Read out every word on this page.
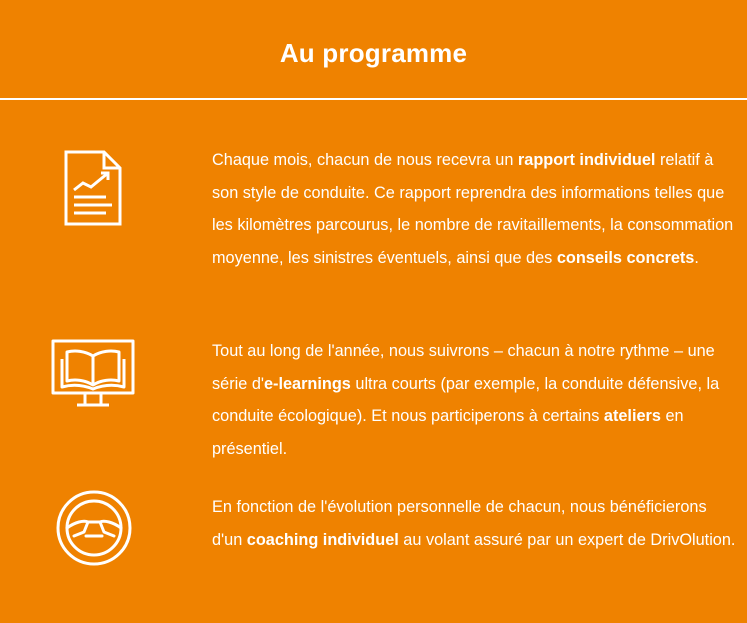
Au programme
Chaque mois, chacun de nous recevra un rapport individuel relatif à son style de conduite. Ce rapport reprendra des informations telles que les kilomètres parcourus, le nombre de ravitaillements, la consommation moyenne, les sinistres éventuels, ainsi que des conseils concrets.
Tout au long de l'année, nous suivrons – chacun à notre rythme – une série d'e-learnings ultra courts (par exemple, la conduite défensive, la conduite écologique). Et nous participerons à certains ateliers en présentiel.
En fonction de l'évolution personnelle de chacun, nous bénéficierons d'un coaching individuel au volant assuré par un expert de DrivOlution.
